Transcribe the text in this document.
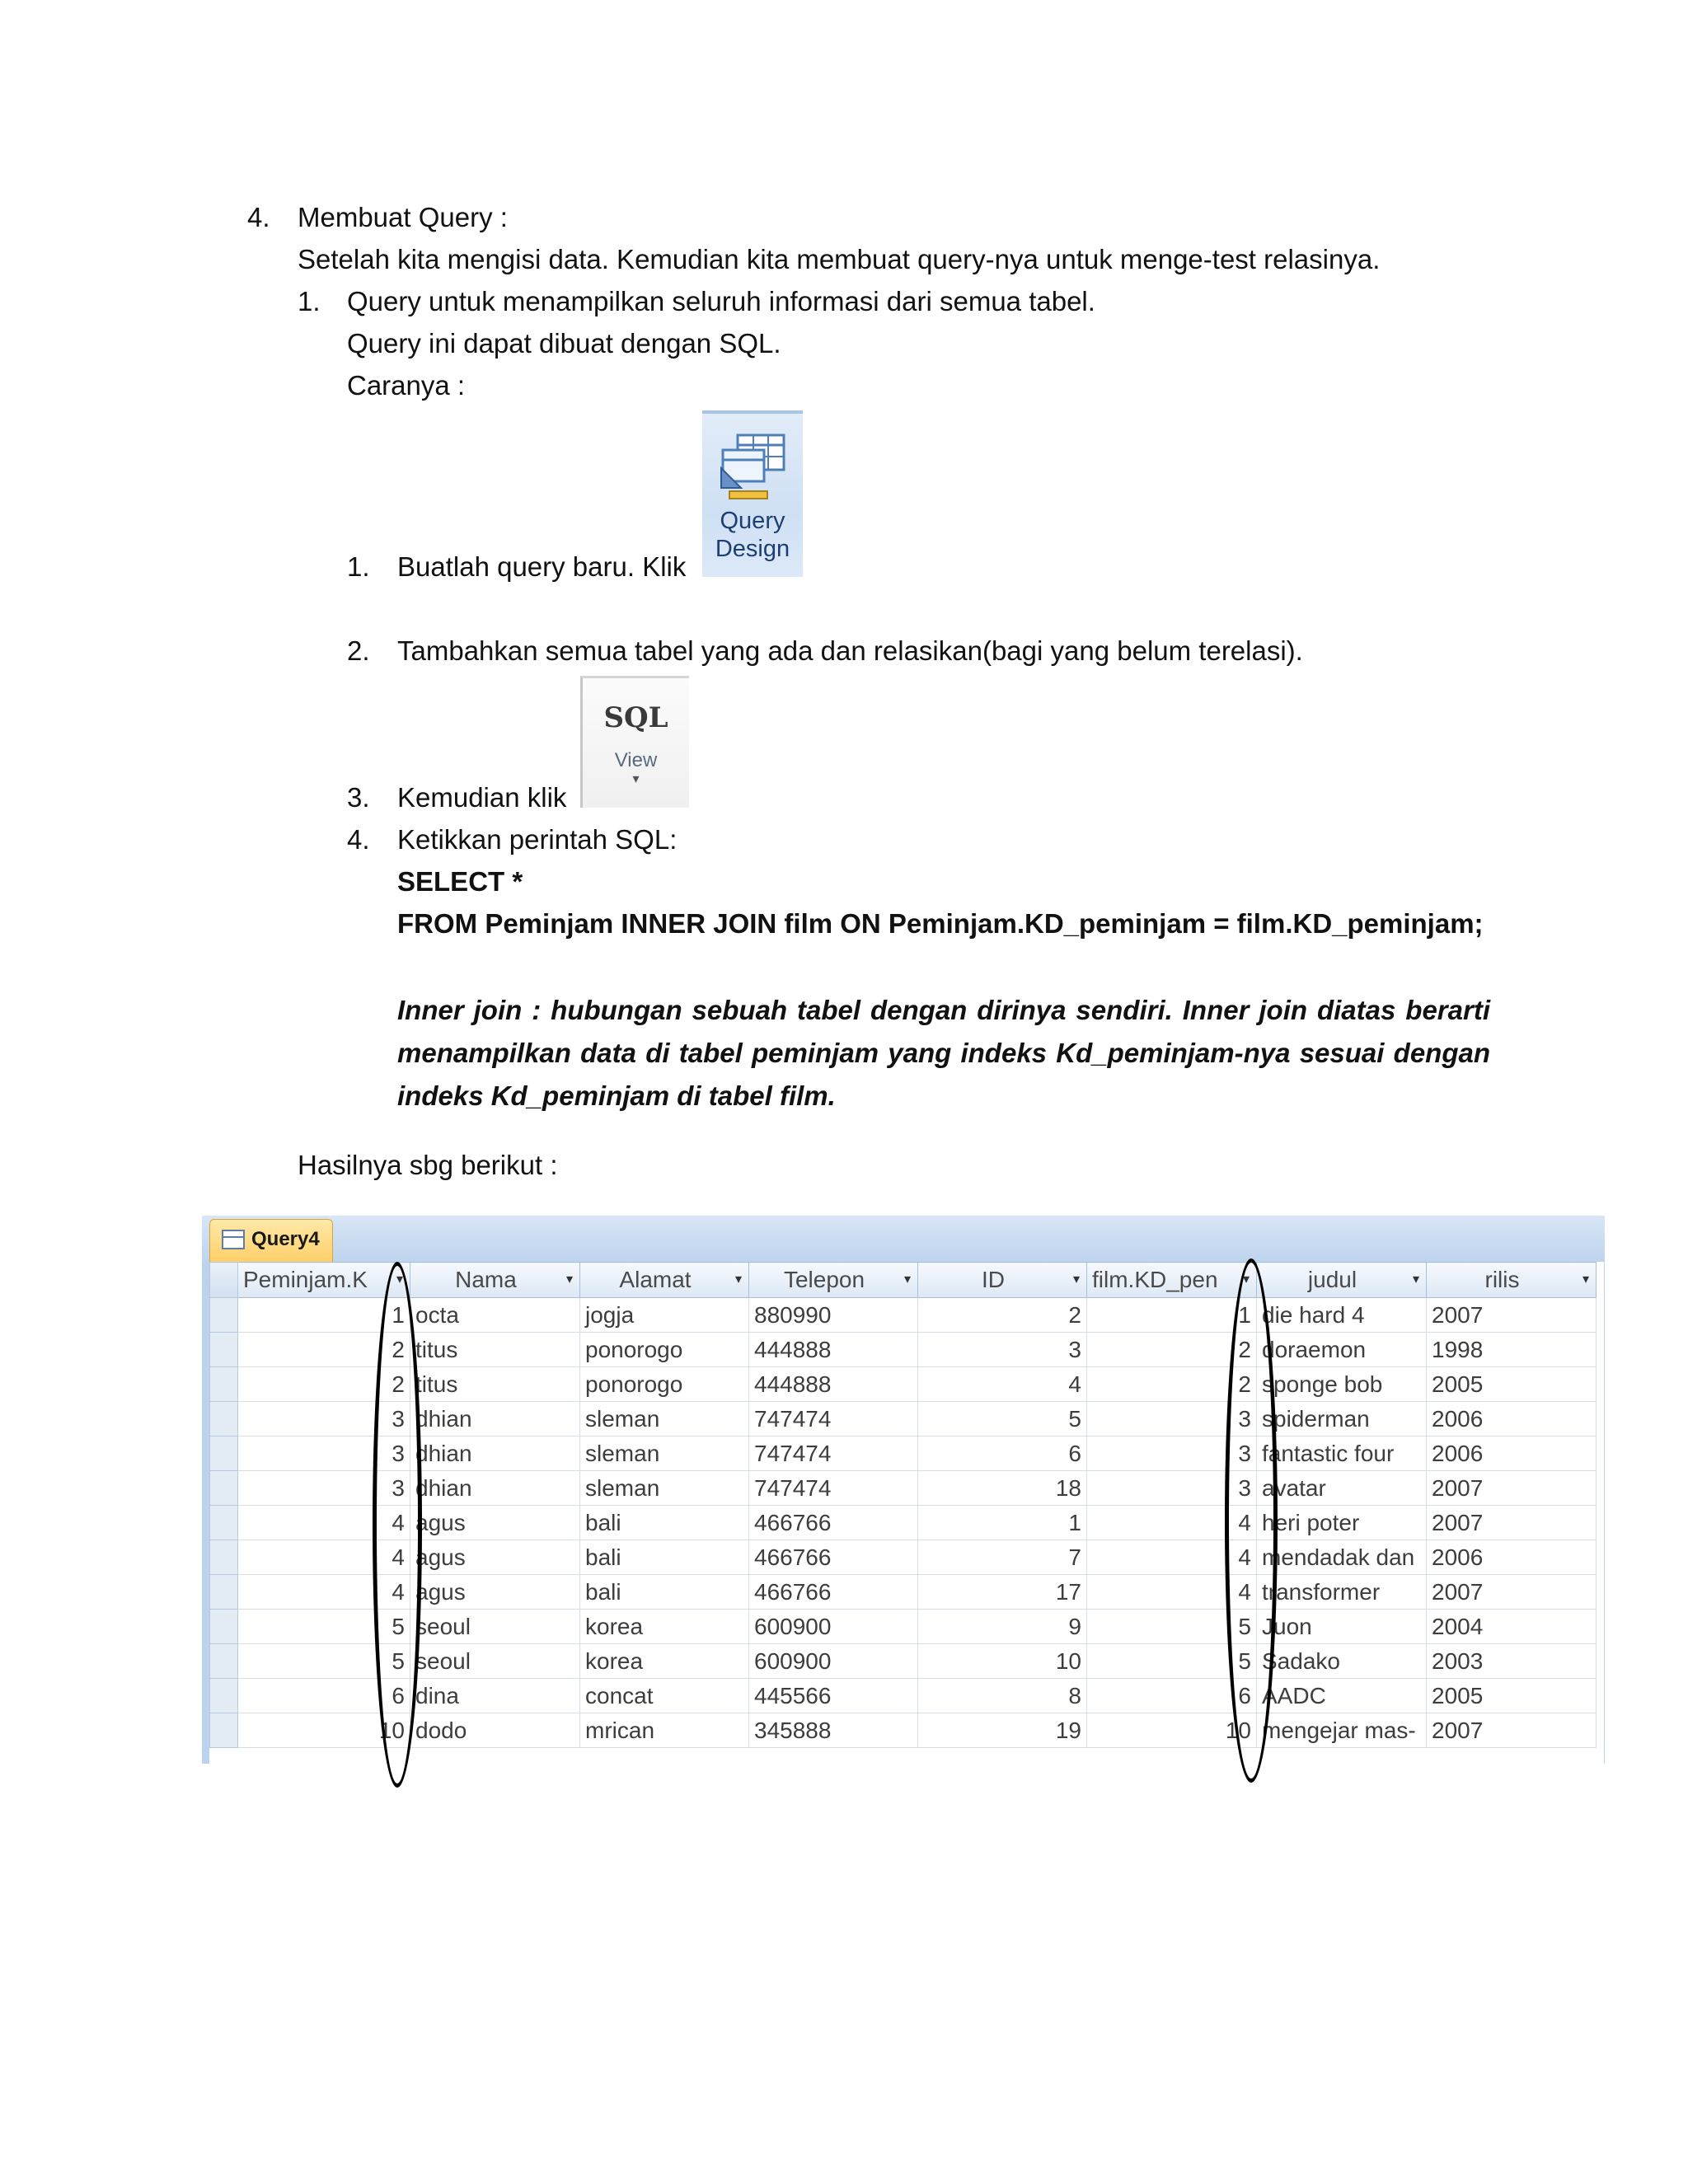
4. Membuat Query :
Setelah kita mengisi data. Kemudian kita membuat query-nya untuk menge-test relasinya.
1. Query untuk menampilkan seluruh informasi dari semua tabel.
Query ini dapat dibuat dengan SQL.
Caranya :
1. Buatlah query baru. Klik
Query
Design
2. Tambahkan semua tabel yang ada dan relasikan(bagi yang belum terelasi).
3. Kemudian klik
SQL
View
▾
4. Ketikkan perintah SQL:
SELECT *
FROM Peminjam INNER JOIN film ON Peminjam.KD_peminjam = film.KD_peminjam;
Inner join : hubungan sebuah tabel dengan dirinya sendiri. Inner join diatas berarti menampilkan data di tabel peminjam yang indeks Kd_peminjam-nya sesuai dengan indeks Kd_peminjam di tabel film.
Hasilnya sbg berikut :
Query4
	Peminjam.K ▾	Nama ▾	Alamat ▾	Telepon ▾	ID ▾	film.KD_pen ▾	judul ▾	rilis ▾

	1	octa	jogja	880990	2	1	die hard 4	2007
	2	titus	ponorogo	444888	3	2	doraemon	1998
	2	titus	ponorogo	444888	4	2	sponge bob	2005
	3	dhian	sleman	747474	5	3	spiderman	2006
	3	dhian	sleman	747474	6	3	fantastic four	2006
	3	dhian	sleman	747474	18	3	avatar	2007
	4	agus	bali	466766	1	4	heri poter	2007
	4	agus	bali	466766	7	4	mendadak dan	2006
	4	agus	bali	466766	17	4	transformer	2007
	5	seoul	korea	600900	9	5	Juon	2004
	5	seoul	korea	600900	10	5	Sadako	2003
	6	dina	concat	445566	8	6	AADC	2005
	10	dodo	mrican	345888	19	10	mengejar mas-	2007
